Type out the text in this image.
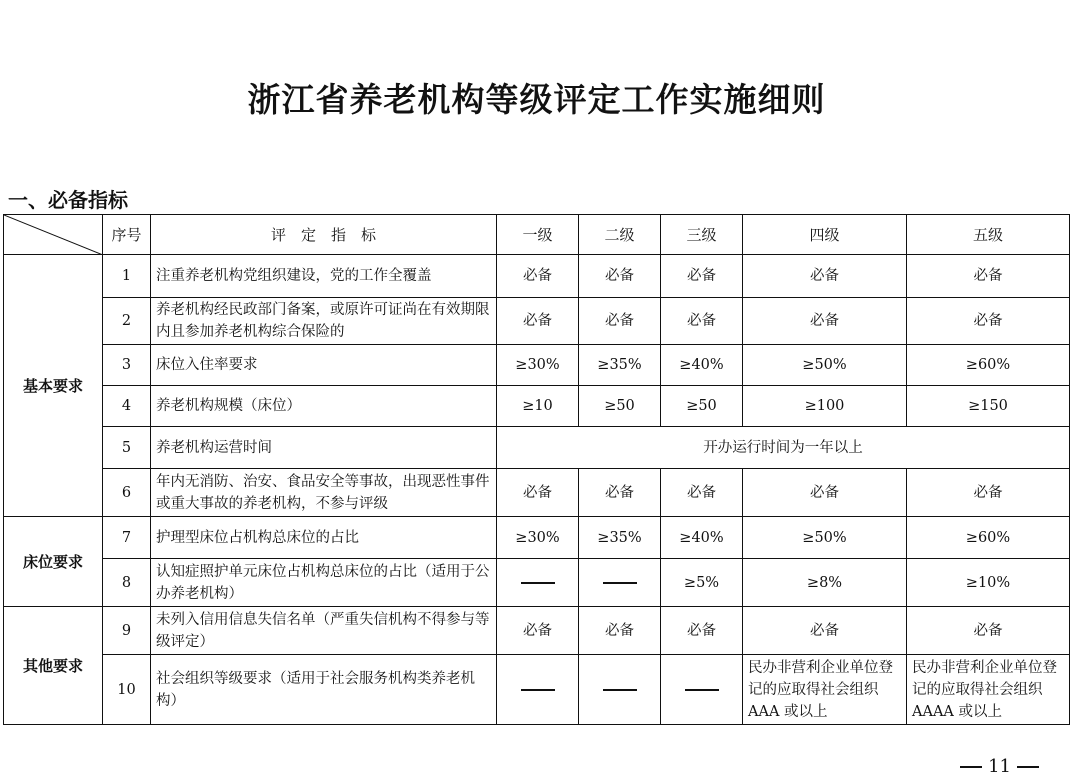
浙江省养老机构等级评定工作实施细则
一、必备指标
	序号	评　定　指　标	一级	二级	三级	四级	五级
基本要求	1	注重养老机构党组织建设，党的工作全覆盖	必备	必备	必备	必备	必备
	2	养老机构经民政部门备案，或原许可证尚在有效期限内且参加养老机构综合保险的	必备	必备	必备	必备	必备
	3	床位入住率要求	≥30%	≥35%	≥40%	≥50%	≥60%
	4	养老机构规模（床位）	≥10	≥50	≥50	≥100	≥150
	5	养老机构运营时间	开办运行时间为一年以上				
	6	年内无消防、治安、食品安全等事故，出现恶性事件或重大事故的养老机构，不参与评级	必备	必备	必备	必备	必备
床位要求	7	护理型床位占机构总床位的占比	≥30%	≥35%	≥40%	≥50%	≥60%
	8	认知症照护单元床位占机构总床位的占比（适用于公办养老机构）			≥5%	≥8%	≥10%
其他要求	9	未列入信用信息失信名单（严重失信机构不得参与等级评定）	必备	必备	必备	必备	必备
	10	社会组织等级要求（适用于社会服务机构类养老机构）				民办非营利企业单位登记的应取得社会组织AAA 或以上	民办非营利企业单位登记的应取得社会组织AAAA 或以上
11
